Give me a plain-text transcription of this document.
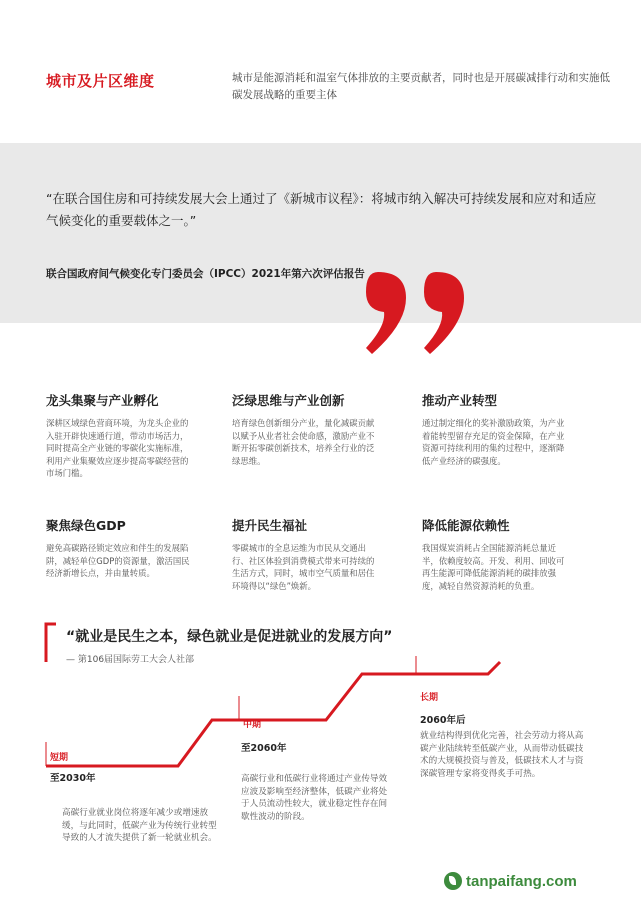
城市及片区维度	城市是能源消耗和温室气体排放的主要贡献者，同时也是开展碳减排行动和实施低碳发展战略的重要主体
“在联合国住房和可持续发展大会上通过了《新城市议程》：将城市纳入解决可持续发展和应对和适应气候变化的重要载体之一。”
联合国政府间气候变化专门委员会（IPCC）2021年第六次评估报告
龙头集聚与产业孵化
深耕区域绿色营商环境，为龙头企业的入驻开辟快速通行道，带动市场活力，同时提高全产业链的零碳化实施标准，利用产业集聚效应逐步提高零碳经营的市场门槛。
泛绿思维与产业创新
培育绿色创新细分产业，量化减碳贡献以赋予从业者社会使命感，激励产业不断开拓零碳创新技术，培养全行业的泛绿思维。
推动产业转型
通过制定细化的奖补激励政策，为产业着能转型留存充足的资金保障，在产业资源可持续利用的集约过程中，逐渐降低产业经济的碳强度。
聚焦绿色GDP
避免高碳路径锁定效应和伴生的发展陷阱，减轻单位GDP的资源量，激活国民经济新增长点，并由量转质。
提升民生福祉
零碳城市的全息运维为市民从交通出行、社区体验到消费模式带来可持续的生活方式，同时，城市空气质量和居住环境得以“绿色”焕新。
降低能源依赖性
我国煤炭消耗占全国能源消耗总量近半，依赖度较高。开发、利用、回收可再生能源可降低能源消耗的碳排放强度，减轻自然资源消耗的负重。
“就业是民生之本，绿色就业是促进就业的发展方向”
— 第106届国际劳工大会人社部
短期
至2030年
高碳行业就业岗位将逐年减少或增速放缓，与此同时，低碳产业为传统行业转型导致的人才流失提供了新一轮就业机会。
中期
至2060年
高碳行业和低碳行业将通过产业传导效应波及影响至经济整体，低碳产业将处于人员流动性较大，就业稳定性存在间歇性波动的阶段。
长期
2060年后
就业结构得到优化完善，社会劳动力将从高碳产业陆续转至低碳产业，从而带动低碳技术的大规模投资与普及，低碳技术人才与资深碳管理专家将变得炙手可热。
tanpaifang.com
